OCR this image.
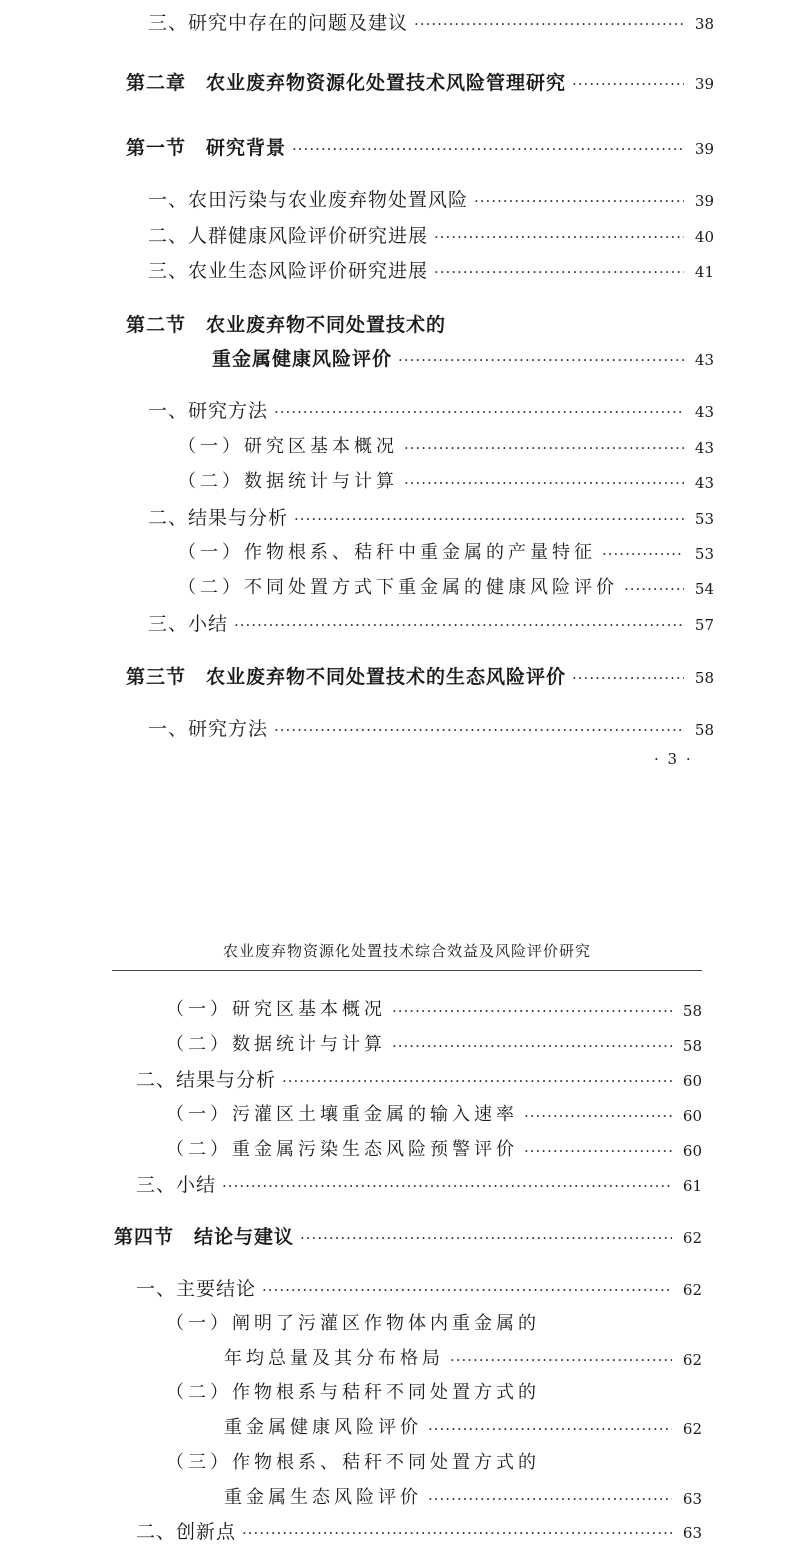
三、研究中存在的问题及建议 ·····	38
第二章　农业废弃物资源化处置技术风险管理研究 ·····	39
第一节　研究背景 ·····	39
一、农田污染与农业废弃物处置风险 ·····	39
二、人群健康风险评价研究进展 ·····	40
三、农业生态风险评价研究进展 ·····	41
第二节　农业废弃物不同处置技术的
重金属健康风险评价 ·····	43
一、研究方法 ·····	43
（一）研究区基本概况 ·····	43
（二）数据统计与计算 ·····	43
二、结果与分析 ·····	53
（一）作物根系、秸秆中重金属的产量特征 ·····	53
（二）不同处置方式下重金属的健康风险评价 ·····	54
三、小结 ·····	57
第三节　农业废弃物不同处置技术的生态风险评价 ·····	58
一、研究方法 ·····	58
· 3 ·
农业废弃物资源化处置技术综合效益及风险评价研究
（一）研究区基本概况 ·····	58
（二）数据统计与计算 ·····	58
二、结果与分析 ·····	60
（一）污灌区土壤重金属的输入速率 ·····	60
（二）重金属污染生态风险预警评价 ·····	60
三、小结 ·····	61
第四节　结论与建议 ·····	62
一、主要结论 ·····	62
（一）阐明了污灌区作物体内重金属的
年均总量及其分布格局 ·····	62
（二）作物根系与秸秆不同处置方式的
重金属健康风险评价 ·····	62
（三）作物根系、秸秆不同处置方式的
重金属生态风险评价 ·····	63
二、创新点 ·····	63
